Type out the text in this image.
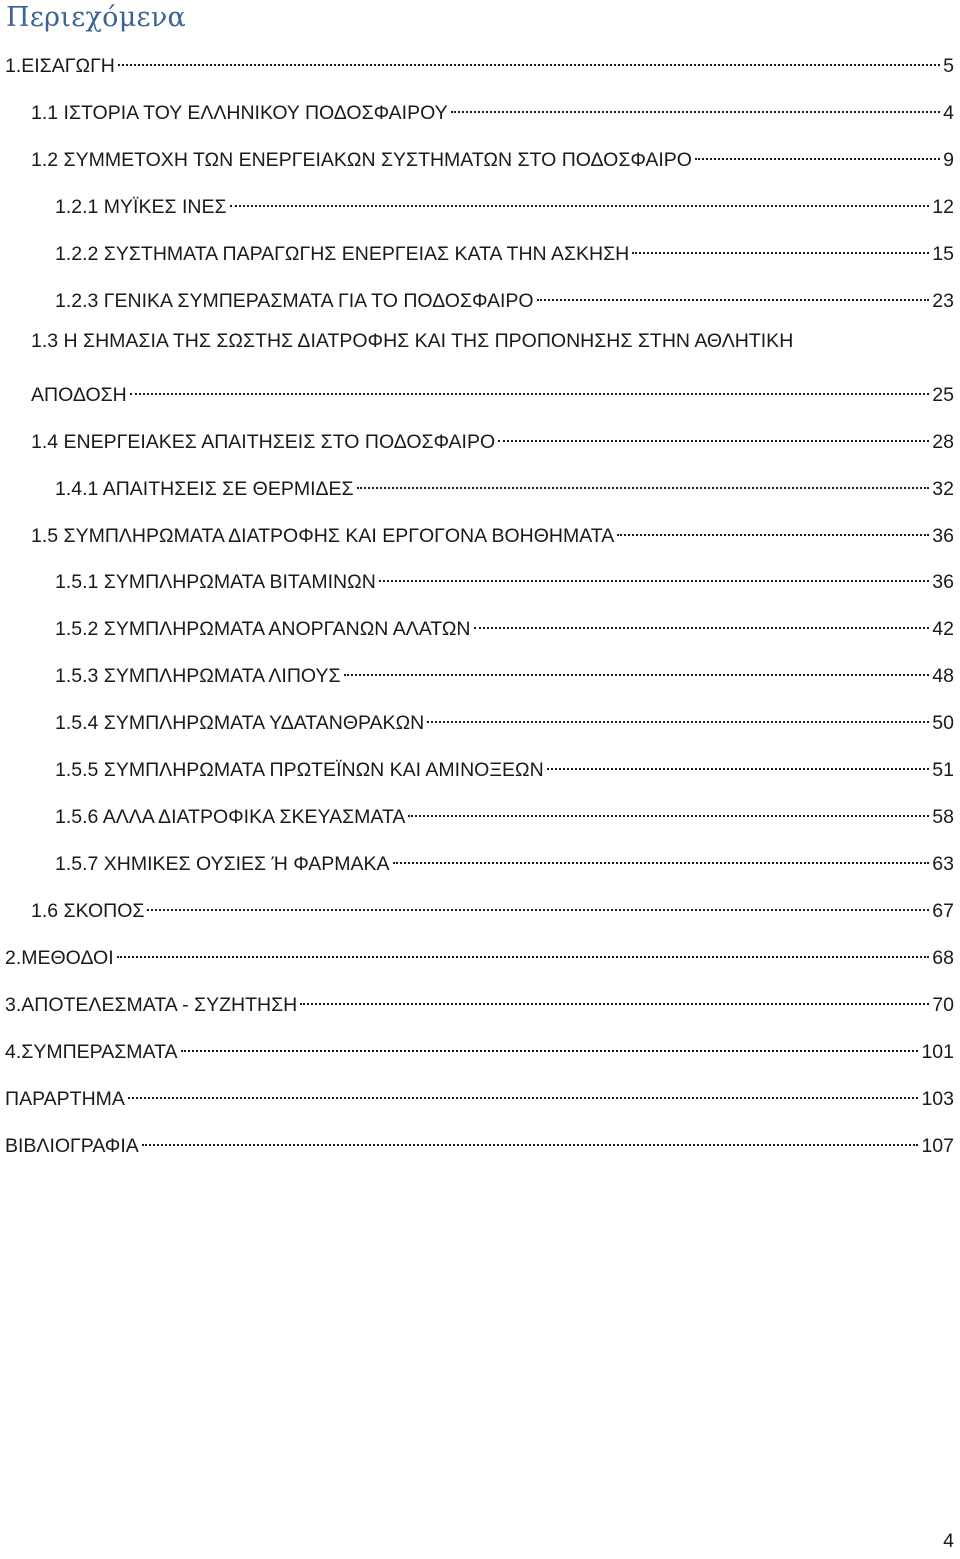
Περιεχόμενα
1.ΕΙΣΑΓΩΓΗ	5
1.1 ΙΣΤΟΡΙΑ ΤΟΥ ΕΛΛΗΝΙΚΟΥ ΠΟΔΟΣΦΑΙΡΟΥ	4
1.2 ΣΥΜΜΕΤΟΧΗ ΤΩΝ ΕΝΕΡΓΕΙΑΚΩΝ ΣΥΣΤΗΜΑΤΩΝ ΣΤΟ ΠΟΔΟΣΦΑΙΡΟ	9
1.2.1 ΜΥΪΚΕΣ ΙΝΕΣ	12
1.2.2 ΣΥΣΤΗΜΑΤΑ ΠΑΡΑΓΩΓΗΣ ΕΝΕΡΓΕΙΑΣ ΚΑΤΑ ΤΗΝ ΑΣΚΗΣΗ	15
1.2.3 ΓΕΝΙΚΑ ΣΥΜΠΕΡΑΣΜΑΤΑ ΓΙΑ ΤΟ ΠΟΔΟΣΦΑΙΡΟ	23
1.3 Η ΣΗΜΑΣΙΑ ΤΗΣ ΣΩΣΤΗΣ ΔΙΑΤΡΟΦΗΣ ΚΑΙ ΤΗΣ ΠΡΟΠΟΝΗΣΗΣ ΣΤΗΝ ΑΘΛΗΤΙΚΗ
ΑΠΟΔΟΣΗ	25
1.4 ΕΝΕΡΓΕΙΑΚΕΣ ΑΠΑΙΤΗΣΕΙΣ ΣΤΟ ΠΟΔΟΣΦΑΙΡΟ	28
1.4.1 ΑΠΑΙΤΗΣΕΙΣ ΣΕ ΘΕΡΜΙΔΕΣ	32
1.5 ΣΥΜΠΛΗΡΩΜΑΤΑ ΔΙΑΤΡΟΦΗΣ ΚΑΙ ΕΡΓΟΓΟΝΑ ΒΟΗΘΗΜΑΤΑ	36
1.5.1 ΣΥΜΠΛΗΡΩΜΑΤΑ ΒΙΤΑΜΙΝΩΝ	36
1.5.2 ΣΥΜΠΛΗΡΩΜΑΤΑ ΑΝΟΡΓΑΝΩΝ ΑΛΑΤΩΝ	42
1.5.3 ΣΥΜΠΛΗΡΩΜΑΤΑ ΛΙΠΟΥΣ	48
1.5.4 ΣΥΜΠΛΗΡΩΜΑΤΑ ΥΔΑΤΑΝΘΡΑΚΩΝ	50
1.5.5 ΣΥΜΠΛΗΡΩΜΑΤΑ ΠΡΩΤΕΪΝΩΝ ΚΑΙ ΑΜΙΝΟΞΕΩΝ	51
1.5.6 ΑΛΛΑ ΔΙΑΤΡΟΦΙΚΑ ΣΚΕΥΑΣΜΑΤΑ	58
1.5.7 ΧΗΜΙΚΕΣ ΟΥΣΙΕΣ Ή ΦΑΡΜΑΚΑ	63
1.6 ΣΚΟΠΟΣ	67
2.ΜΕΘΟΔΟΙ	68
3.ΑΠΟΤΕΛΕΣΜΑΤΑ - ΣΥΖΗΤΗΣΗ	70
4.ΣΥΜΠΕΡΑΣΜΑΤΑ	101
ΠΑΡΑΡΤΗΜΑ	103
ΒΙΒΛΙΟΓΡΑΦΙΑ	107
4
